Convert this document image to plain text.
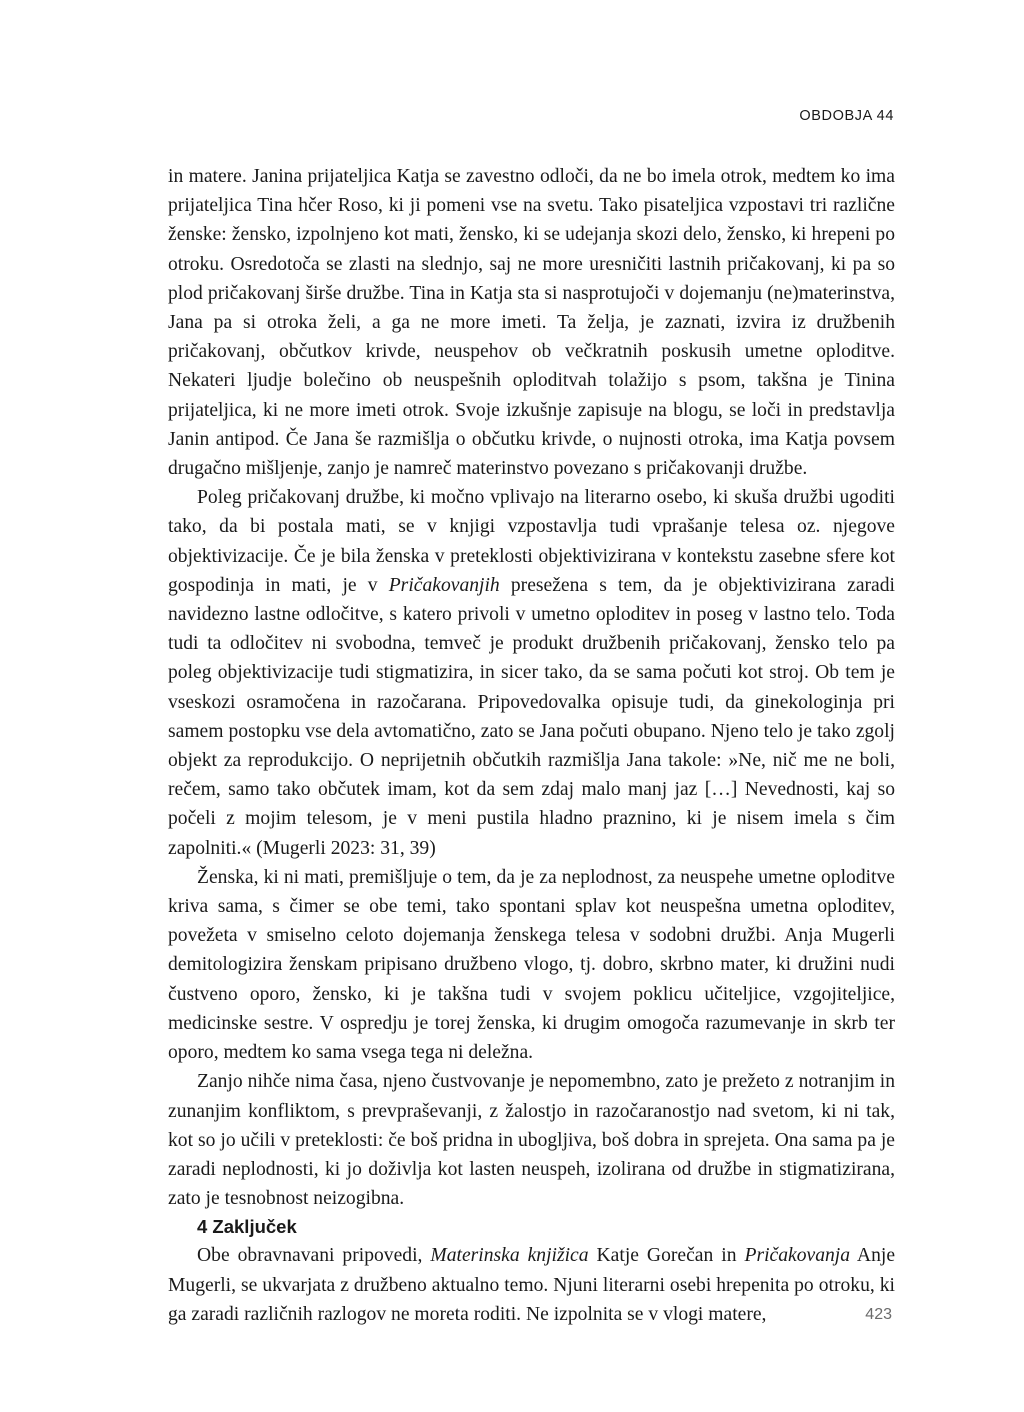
OBDOBJA 44

in matere. Janina prijateljica Katja se zavestno odloči, da ne bo imela otrok, medtem ko ima prijateljica Tina hčer Roso, ki ji pomeni vse na svetu. Tako pisateljica vzpostavi tri različne ženske: žensko, izpolnjeno kot mati, žensko, ki se udejanja skozi delo, žensko, ki hrepeni po otroku. Osredotoča se zlasti na slednjo, saj ne more uresničiti lastnih pričakovanj, ki pa so plod pričakovanj širše družbe. Tina in Katja sta si nasprotujoči v dojemanju (ne)materinstva, Jana pa si otroka želi, a ga ne more imeti. Ta želja, je zaznati, izvira iz družbenih pričakovanj, občutkov krivde, neuspehov ob večkratnih poskusih umetne oploditve. Nekateri ljudje bolečino ob neuspešnih oploditvah tolažijo s psom, takšna je Tinina prijateljica, ki ne more imeti otrok. Svoje izkušnje zapisuje na blogu, se loči in predstavlja Janin antipod. Če Jana še razmišlja o občutku krivde, o nujnosti otroka, ima Katja povsem drugačno mišljenje, zanjo je namreč materinstvo povezano s pričakovanji družbe.

Poleg pričakovanj družbe, ki močno vplivajo na literarno osebo, ki skuša družbi ugoditi tako, da bi postala mati, se v knjigi vzpostavlja tudi vprašanje telesa oz. njegove objektivizacije. Če je bila ženska v preteklosti objektivizirana v kontekstu zasebne sfere kot gospodinja in mati, je v Pričakovanjih presežena s tem, da je objektivizirana zaradi navidezno lastne odločitve, s katero privoli v umetno oploditev in poseg v lastno telo. Toda tudi ta odločitev ni svobodna, temveč je produkt družbenih pričakovanj, žensko telo pa poleg objektivizacije tudi stigmatizira, in sicer tako, da se sama počuti kot stroj. Ob tem je vseskozi osramočena in razočarana. Pripovedovalka opisuje tudi, da ginekologinja pri samem postopku vse dela avtomatično, zato se Jana počuti obupano. Njeno telo je tako zgolj objekt za reprodukcijo. O neprijetnih občutkih razmišlja Jana takole: »Ne, nič me ne boli, rečem, samo tako občutek imam, kot da sem zdaj malo manj jaz […] Nevednosti, kaj so počeli z mojim telesom, je v meni pustila hladno praznino, ki je nisem imela s čim zapolniti.« (Mugerli 2023: 31, 39)

Ženska, ki ni mati, premišljuje o tem, da je za neplodnost, za neuspehe umetne oploditve kriva sama, s čimer se obe temi, tako spontani splav kot neuspešna umetna oploditev, povežeta v smiselno celoto dojemanja ženskega telesa v sodobni družbi. Anja Mugerli demitologizira ženskam pripisano družbeno vlogo, tj. dobro, skrbno mater, ki družini nudi čustveno oporo, žensko, ki je takšna tudi v svojem poklicu učiteljice, vzgojiteljice, medicinske sestre. V ospredju je torej ženska, ki drugim omogoča razumevanje in skrb ter oporo, medtem ko sama vsega tega ni deležna.

Zanjo nihče nima časa, njeno čustvovanje je nepomembno, zato je prežeto z notranjim in zunanjim konfliktom, s prevpraševanji, z žalostjo in razočaranostjo nad svetom, ki ni tak, kot so jo učili v preteklosti: če boš pridna in ubogljiva, boš dobra in sprejeta. Ona sama pa je zaradi neplodnosti, ki jo doživlja kot lasten neuspeh, izolirana od družbe in stigmatizirana, zato je tesnobnost neizogibna.

4 Zaključek

Obe obravnavani pripovedi, Materinska knjižica Katje Gorečan in Pričakovanja Anje Mugerli, se ukvarjata z družbeno aktualno temo. Njuni literarni osebi hrepenita po otroku, ki ga zaradi različnih razlogov ne moreta roditi. Ne izpolnita se v vlogi matere,	423
